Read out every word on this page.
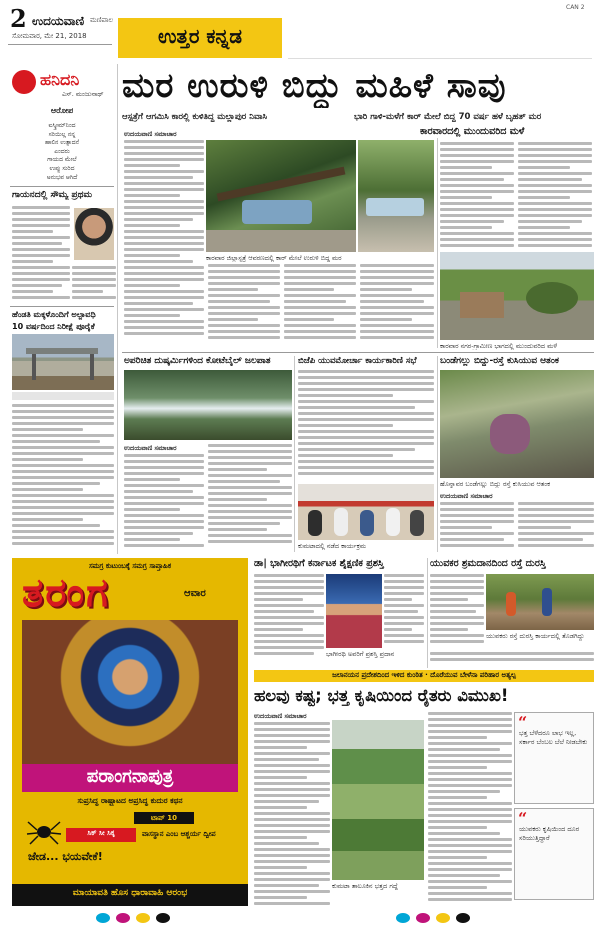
2 ಉದಯವಾಣಿ ಮಣಿಪಾಲ
ಸೋಮವಾರ, ಮೇ 21, 2018	ಉತ್ತರ ಕನ್ನಡ
CAN 2
ಹನಿದನಿ
ಎಸ್. ಮಂಜುನಾಥ್
ಆರೋಪ
ಐಸ್ಕ್ರೀಮ್‌ನಿಂದ
ಸರಿಯಿಲ್ಲ ನನ್ನ
ಹಾಲಿನ ಉತ್ಪಾದನೆ
ಎಂದರು
ಗಾಯದ ಮೇಲೆ
ಉಪ್ಪು ಸುರಿದ
ಅನುಭವ ಆಗಿದೆ
ಗಾಯನದಲ್ಲಿ ಸೌಮ್ಯ ಪ್ರಥಮ
ಹೆಂಡತಿ ಮಕ್ಕಳೊಂದಿಗೆ ಅಲ್ಪಾವಧಿ
10 ವರ್ಷದಿಂದ ನಿರೀಕ್ಷೆ ಪೂರೈಕೆ
ಮರ ಉರುಳಿ ಬಿದ್ದು ಮಹಿಳೆ ಸಾವು
ಆಸ್ಪತ್ರೆಗೆ ಆಗಮಿಸಿ ಕಾರಲ್ಲಿ ಕುಳಿತಿದ್ದ ಮಲ್ಲಾಪುರ ನಿವಾಸಿ	ಭಾರಿ ಗಾಳಿ-ಮಳೆಗೆ ಕಾರ್ ಮೇಲೆ ಬಿದ್ದ 70 ವರ್ಷ ಹಳೆ ಬೃಹತ್ ಮರ
ಕಾರವಾರದಲ್ಲಿ ಮುಂದುವರಿದ ಮಳೆ
ಉದಯವಾಣಿ ಸಮಾಚಾರ
ಕಾರವಾರ ಜಿಲ್ಲಾಸ್ಪತ್ರೆ ಆವರಣದಲ್ಲಿ ಕಾರ್ ಮೇಲೆ ಉರುಳಿ ಬಿದ್ದ ಮರ
ಕಾರವಾರ ನಗರ-ಗ್ರಾಮೀಣ ಭಾಗದಲ್ಲಿ ಮುಂದುವರಿದ ಮಳೆ
ಅಪರಿಚಿತ ದುಷ್ಕರ್ಮಿಗಳಿಂದ ಕೋಟೆಬೈಲ್ ಜಲಪಾತ
ಉದಯವಾಣಿ ಸಮಾಚಾರ
ಬಿಜೆಪಿ ಯುವಮೋರ್ಚಾ ಕಾರ್ಯಕಾರಿಣಿ ಸಭೆ
ಕುಮಟಾದಲ್ಲಿ ನಡೆದ ಕಾರ್ಯಕ್ರಮ
ಬಂಡೆಗಲ್ಲು ಬಿದ್ದು-ರಸ್ತೆ ಕುಸಿಯುವ ಆತಂಕ
ಹೊನ್ನಾವರ ಬಂಡೆಗಲ್ಲು ಬಿದ್ದು ರಸ್ತೆ ಕುಸಿಯುವ ಆತಂಕ
ಉದಯವಾಣಿ ಸಮಾಚಾರ
ಸಮಗ್ರ ಕುಟುಂಬಕ್ಕೆ ಸಮಗ್ರ ಸಾಪ್ತಾಹಿಕ
ತರಂಗ	ಆವಾರ
ಪರಾಂಗನಾಪುತ್ರ
ಸುಪ್ರಸಿದ್ಧ ರಾಷ್ಟ್ರಾಟದ ಅಪ್ರಸಿದ್ಧ ಕುದುರ ಕಥನ
ಟಾಪ್ 10
ಸಿಕ್ ಸೀ ಸಿಕ್ಕ	ವಾಸಸ್ಥಾನ ಎಂಬ ಆಶ್ಚರ್ಯ ದ್ವೀಪ
ಜೇಡ... ಭಯವೇಕೆ!
ಮಾಯಾವತಿ ಹೊಸ ಧಾರಾವಾಹಿ ಆರಂಭ
ಡಾ| ಭಾಗೀರಥಿಗೆ ಕರ್ನಾಟಕ ಶೈಕ್ಷಣಿಕ ಪ್ರಶಸ್ತಿ
ಭಾಗೀರಥಿ ಅವರಿಗೆ ಪ್ರಶಸ್ತಿ ಪ್ರದಾನ
ಯುವಕರ ಶ್ರಮದಾನದಿಂದ ರಸ್ತೆ ದುರಸ್ತಿ
ಯುವಕರು ರಸ್ತೆ ದುರಸ್ತಿ ಕಾರ್ಯದಲ್ಲಿ ತೊಡಗಿದ್ದು
ಜಲಾನಯನ ಪ್ರದೇಶದಿಂದ ಇಳಿದ ಕುಂಠಿತ · ದೊರೆಯುವ ಬೇಳೆನಾ ಪರಿಹಾರ ಅತ್ಯಲ್ಪ
ಹಲವು ಕಷ್ಟ; ಭತ್ತ ಕೃಷಿಯಿಂದ ರೈತರು ವಿಮುಖ!
ಉದಯವಾಣಿ ಸಮಾಚಾರ
ಕುಮಟಾ ತಾಲೂಕಿನ ಭತ್ತದ ಗದ್ದೆ
“
ಭತ್ತ ಬೆಳೆದರೂ ಲಾಭ ಇಲ್ಲ, ಸರ್ಕಾರ ಬೆಂಬಲ ಬೆಲೆ ನೀಡಬೇಕು
“
ಯುವಕರು ಕೃಷಿಯಿಂದ ದೂರ ಸರಿಯುತ್ತಿದ್ದಾರೆ
